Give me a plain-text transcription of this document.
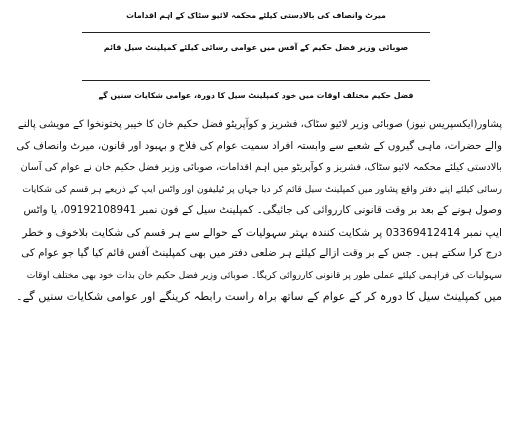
میرٹ وانصاف کی بالادستی کیلئے محکمہ لائیو سٹاک کے اہم اقدامات
صوبائی وزیر فضل حکیم کے آفس میں عوامی رسائی کیلئے کمپلینٹ سیل قائم
فضل حکیم مختلف اوقات میں خود کمپلینٹ سیل کا دورہ، عوامی شکایات سنیں گے
پشاور(ایکسپریس نیوز) صوبائی وزیر لائیو سٹاک، فشریز و کوآپریٹو فضل حکیم خان کا خیبر پختونخوا کے مویشی پالنے
والے حضرات، ماہی گیروں کے شعبے سے وابستہ افراد سمیت عوام کی فلاح و بہبود اور قانون، میرٹ وانصاف کی
بالادستی کیلئے محکمہ لائیو سٹاک، فشریز و کوآپریٹو میں اہم اقدامات، صوبائی وزیر فضل حکیم خان نے عوام کی آسان
رسائی کیلئے اپنے دفتر واقع پشاور میں کمپلینٹ سیل قائم کر دیا جہاں پر ٹیلیفون اور واٹس ایپ کے ذریعے ہر قسم کی شکایات
وصول ہونے کے بعد بر وقت قانونی کارروائی کی جائیگی۔ کمپلینٹ سیل کے فون نمبر 09192108941، یا واٹس
ایپ نمبر 03369412414 پر شکایت کنندہ بہتر سہولیات کے حوالے سے ہر قسم کی شکایت بلاخوف و خطر
درج کرا سکتے ہیں۔ جس کے بر وقت ازالے کیلئے ہر ضلعی دفتر میں بھی کمپلینٹ آفس قائم کیا گیا جو عوام کی
سہولیات کی فراہمی کیلئے عملی طور پر قانونی کارروائی کریگا۔ صوبائی وزیر فضل حکیم خان بذات خود بھی مختلف اوقات
میں کمپلینٹ سیل کا دورہ کر کے عوام کے ساتھ براہ راست رابطہ کرینگے اور عوامی شکایات سنیں گے۔
